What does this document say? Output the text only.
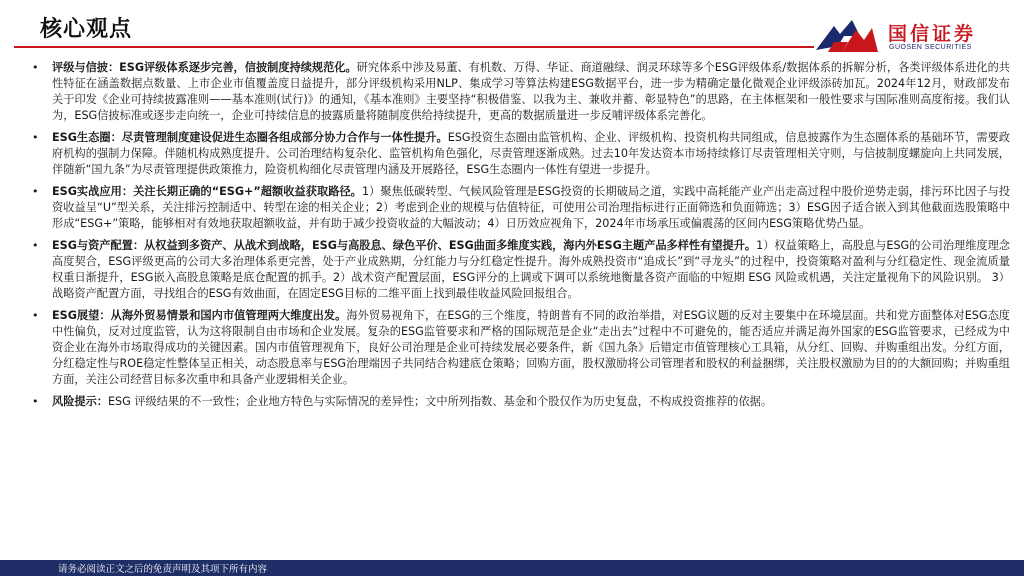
核心观点	国信证券
GUOSEN SECURITIES
• 评级与信披：ESG评级体系逐步完善，信披制度持续规范化。研究体系中涉及易董、有机数、万得、华证、商道融绿、润灵环球等多个ESG评级体系/数据体系的拆解分析，各类评级体系进化的共性特征在涵盖数据点数量、上市企业市值覆盖度日益提升，部分评级机构采用NLP、集成学习等算法构建ESG数据平台，进一步为精确定量化微观企业评级添砖加瓦。2024年12月，财政部发布关于印发《企业可持续披露准则——基本准则(试行)》的通知，《基本准则》主要坚持“积极借鉴、以我为主、兼收并蓄、彰显特色”的思路，在主体框架和一般性要求与国际准则高度衔接。我们认为，ESG信披标准或逐步走向统一，企业可持续信息的披露质量将随制度供给持续提升，更高的数据质量进一步反哺评级体系完善化。
• ESG生态圈：尽责管理制度建设促进生态圈各组成部分协力合作与一体性提升。ESG投资生态圈由监管机构、企业、评级机构、投资机构共同组成，信息披露作为生态圈体系的基础环节，需要政府机构的强制力保障。伴随机构成熟度提升、公司治理结构复杂化、监管机构角色强化，尽责管理逐渐成熟。过去10年发达资本市场持续修订尽责管理相关守则，与信披制度螺旋向上共同发展，伴随新“国九条”为尽责管理提供政策推力，险资机构细化尽责管理内涵及开展路径，ESG生态圈内一体性有望进一步提升。
• ESG实战应用：关注长期正确的“ESG+”超额收益获取路径。1）聚焦低碳转型、气候风险管理是ESG投资的长期破局之道，实践中高耗能产业产出走高过程中股价逆势走弱，排污环比因子与投资收益呈“U”型关系，关注排污控制适中、转型在途的相关企业；2）考虑到企业的规模与估值特征，可使用公司治理指标进行正面筛选和负面筛选；3）ESG因子适合嵌入到其他截面选股策略中形成“ESG+”策略，能够相对有效地获取超额收益，并有助于减少投资收益的大幅波动；4）日历效应视角下，2024年市场承压或偏震荡的区间内ESG策略优势凸显。
• ESG与资产配置：从权益到多资产、从战术到战略，ESG与高股息、绿色平价、ESG曲面多维度实践，海内外ESG主题产品多样性有望提升。1）权益策略上，高股息与ESG的公司治理维度理念高度契合，ESG评级更高的公司大多治理体系更完善，处于产业成熟期，分红能力与分红稳定性提升。海外成熟投资市“追成长”到“寻龙头”的过程中，投资策略对盈利与分红稳定性、现金流质量权重日渐提升，ESG嵌入高股息策略是底仓配置的抓手。2）战术资产配置层面，ESG评分的上调或下调可以系统地衡量各资产面临的中短期 ESG 风险或机遇，关注定量视角下的风险识别。 3）战略资产配置方面，寻找组合的ESG有效曲面，在固定ESG目标的二维平面上找到最佳收益风险回报组合。
• ESG展望：从海外贸易情景和国内市值管理两大维度出发。海外贸易视角下，在ESG的三个维度，特朗普有不同的政治举措，对ESG议题的反对主要集中在环境层面。共和党方面整体对ESG态度中性偏负，反对过度监管，认为这将限制自由市场和企业发展。复杂的ESG监管要求和严格的国际规范是企业“走出去”过程中不可避免的，能否适应并满足海外国家的ESG监管要求，已经成为中资企业在海外市场取得成功的关键因素。国内市值管理视角下，良好公司治理是企业可持续发展必要条件，新《国九条》后错定市值管理核心工具箱，从分红、回购、并购重组出发。分红方面，分红稳定性与ROE稳定性整体呈正相关，动态股息率与ESG治理端因子共同结合构建底仓策略；回购方面，股权激励将公司管理者和股权的利益捆绑，关注股权激励为目的的大额回购；并购重组方面，关注公司经营目标多次重申和具备产业逻辑相关企业。
• 风险提示：ESG 评级结果的不一致性；企业地方特色与实际情况的差异性；文中所列指数、基金和个股仅作为历史复盘，不构成投资推荐的依据。
请务必阅读正文之后的免责声明及其项下所有内容
